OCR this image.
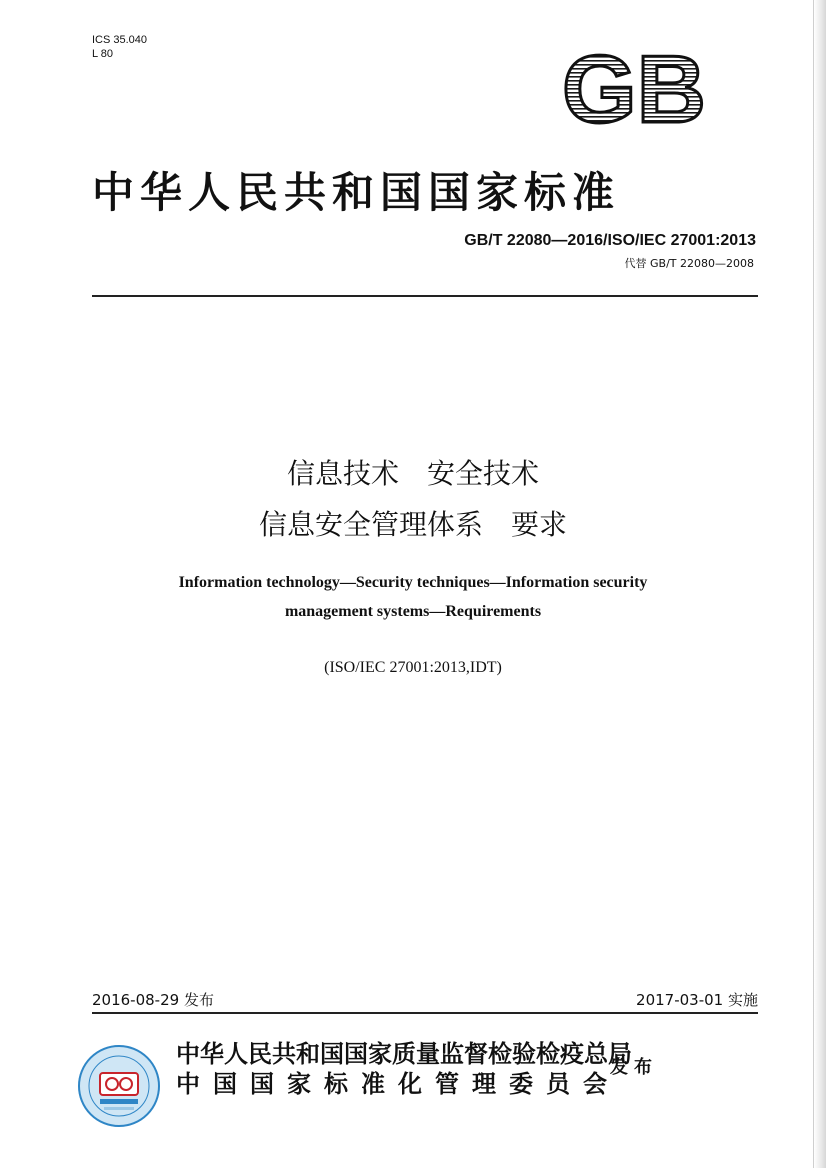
ICS 35.040
L 80	GB
中华人民共和国国家标准
GB/T 22080—2016/ISO/IEC 27001:2013
代替 GB/T 22080—2008
信息技术　安全技术
信息安全管理体系　要求
Information technology—Security techniques—Information security
management systems—Requirements
(ISO/IEC 27001:2013,IDT)
2016-08-29 发布	2017-03-01 实施
中华人民共和国国家质量监督检验检疫总局
中国国家标准化管理委员会
发布
